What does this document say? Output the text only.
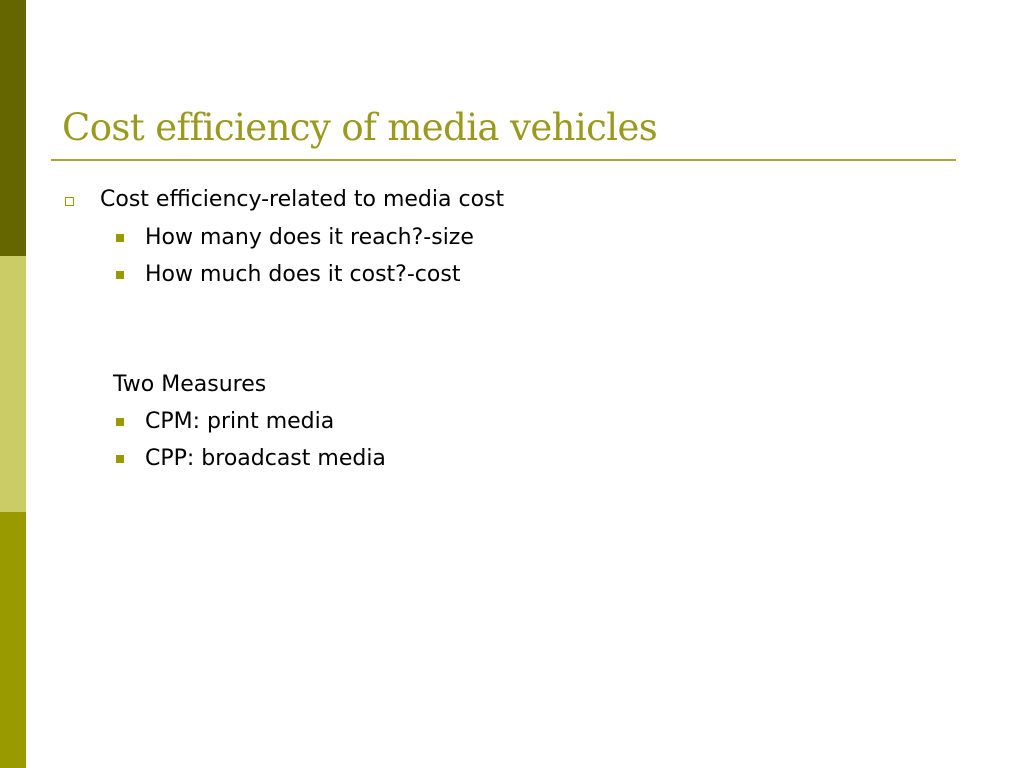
Cost efficiency of media vehicles
Cost efficiency-related to media cost
How many does it reach?-size
How much does it cost?-cost
Two Measures
CPM: print media
CPP: broadcast media
